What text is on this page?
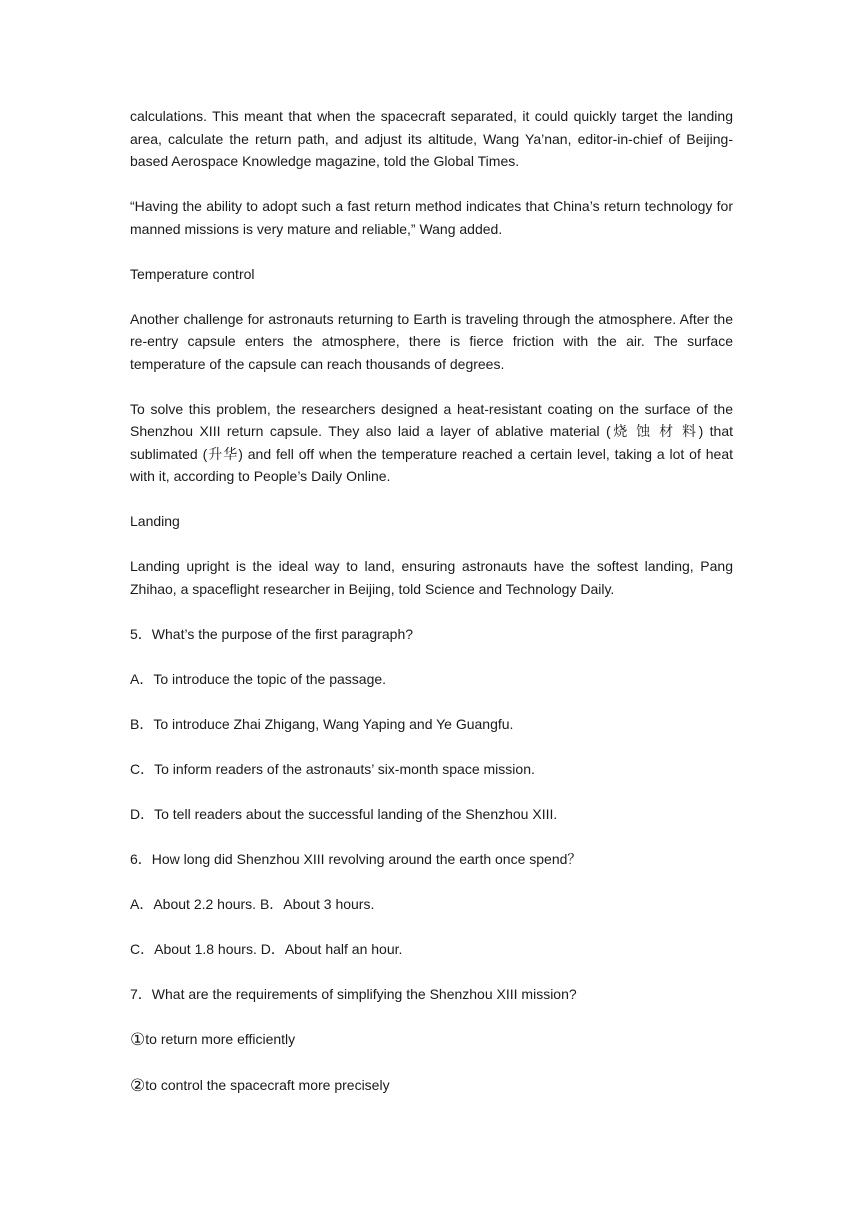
calculations. This meant that when the spacecraft separated, it could quickly target the landing area, calculate the return path, and adjust its altitude, Wang Ya’nan, editor-in-chief of Beijing-based Aerospace Knowledge magazine, told the Global Times.

“Having the ability to adopt such a fast return method indicates that China’s return technology for manned missions is very mature and reliable,” Wang added.

Temperature control

Another challenge for astronauts returning to Earth is traveling through the atmosphere. After the re-entry capsule enters the atmosphere, there is fierce friction with the air. The surface temperature of the capsule can reach thousands of degrees.

To solve this problem, the researchers designed a heat-resistant coating on the surface of the Shenzhou XIII return capsule. They also laid a layer of ablative material (烧 蚀 材 料) that sublimated (升华) and fell off when the temperature reached a certain level, taking a lot of heat with it, according to People’s Daily Online.

Landing

Landing upright is the ideal way to land, ensuring astronauts have the softest landing, Pang Zhihao, a spaceflight researcher in Beijing, told Science and Technology Daily.

5．What’s the purpose of the first paragraph?

A．To introduce the topic of the passage.

B．To introduce Zhai Zhigang, Wang Yaping and Ye Guangfu.

C．To inform readers of the astronauts’ six-month space mission.

D．To tell readers about the successful landing of the Shenzhou XIII.

6．How long did Shenzhou XIII revolving around the earth once spend？

A．About 2.2 hours. B．About 3 hours.

C．About 1.8 hours. D．About half an hour.

7．What are the requirements of simplifying the Shenzhou XIII mission?

①to return more efficiently

②to control the spacecraft more precisely
